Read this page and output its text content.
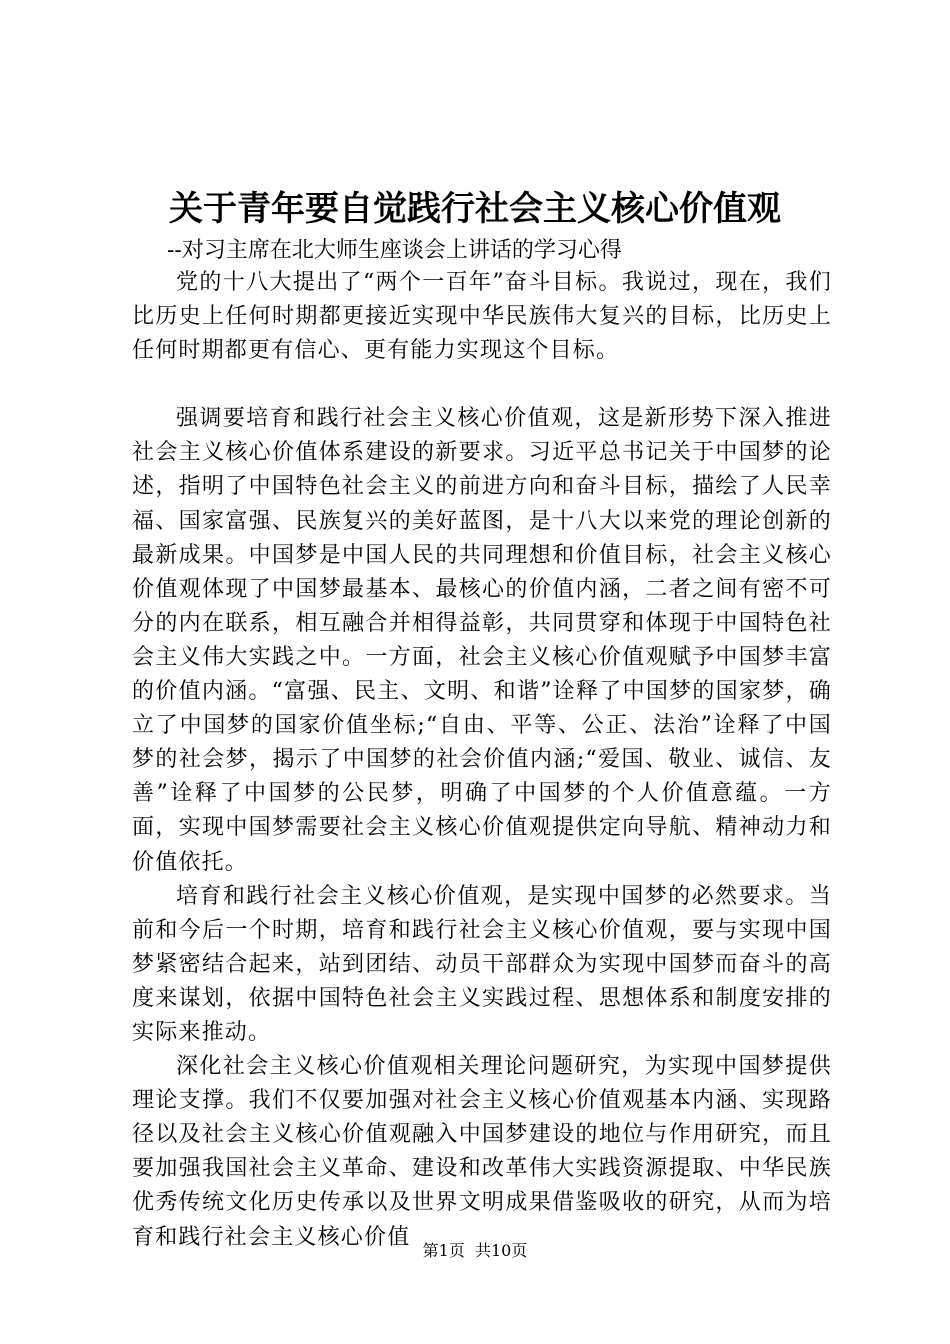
关于青年要自觉践行社会主义核心价值观

--对习主席在北大师生座谈会上讲话的学习心得

党的十八大提出了“两个一百年”奋斗目标。我说过，现在，我们比历史上任何时期都更接近实现中华民族伟大复兴的目标，比历史上任何时期都更有信心、更有能力实现这个目标。

强调要培育和践行社会主义核心价值观，这是新形势下深入推进社会主义核心价值体系建设的新要求。习近平总书记关于中国梦的论述，指明了中国特色社会主义的前进方向和奋斗目标，描绘了人民幸福、国家富强、民族复兴的美好蓝图，是十八大以来党的理论创新的最新成果。中国梦是中国人民的共同理想和价值目标，社会主义核心价值观体现了中国梦最基本、最核心的价值内涵，二者之间有密不可分的内在联系，相互融合并相得益彰，共同贯穿和体现于中国特色社会主义伟大实践之中。一方面，社会主义核心价值观赋予中国梦丰富的价值内涵。“富强、民主、文明、和谐”诠释了中国梦的国家梦，确立了中国梦的国家价值坐标;“自由、平等、公正、法治”诠释了中国梦的社会梦，揭示了中国梦的社会价值内涵;“爱国、敬业、诚信、友善”诠释了中国梦的公民梦，明确了中国梦的个人价值意蕴。一方面，实现中国梦需要社会主义核心价值观提供定向导航、精神动力和价值依托。

培育和践行社会主义核心价值观，是实现中国梦的必然要求。当前和今后一个时期，培育和践行社会主义核心价值观，要与实现中国梦紧密结合起来，站到团结、动员干部群众为实现中国梦而奋斗的高度来谋划，依据中国特色社会主义实践过程、思想体系和制度安排的实际来推动。

深化社会主义核心价值观相关理论问题研究，为实现中国梦提供理论支撑。我们不仅要加强对社会主义核心价值观基本内涵、实现路径以及社会主义核心价值观融入中国梦建设的地位与作用研究，而且要加强我国社会主义革命、建设和改革伟大实践资源提取、中华民族优秀传统文化历史传承以及世界文明成果借鉴吸收的研究，从而为培育和践行社会主义核心价值

第1页  共10页
